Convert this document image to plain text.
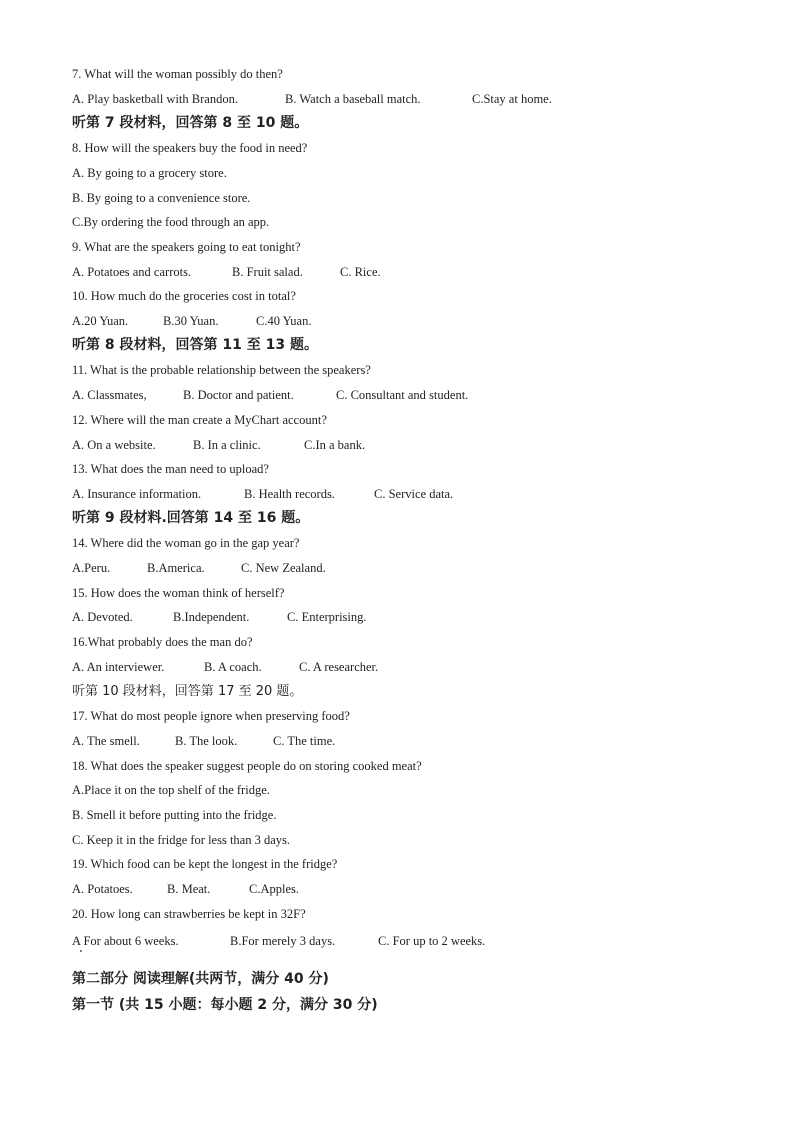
7. What will the woman possibly do then?
A. Play basketball with Brandon.	B. Watch a baseball match.	C.Stay at home.
听第 7 段材料，回答第 8 至 10 题。
8. How will the speakers buy the food in need?
A. By going to a grocery store.
B. By going to a convenience store.
C.By ordering the food through an app.
9. What are the speakers going to eat tonight?
A. Potatoes and carrots.	B. Fruit salad.	C. Rice.
10. How much do the groceries cost in total?
A.20 Yuan.	B.30 Yuan.	C.40 Yuan.
听第 8 段材料，回答第 11 至 13 题。
11. What is the probable relationship between the speakers?
A. Classmates,	B. Doctor and patient.	C. Consultant and student.
12. Where will the man create a MyChart account?
A. On a website.	B. In a clinic.	C.In a bank.
13. What does the man need to upload?
A. Insurance information.	B. Health records.	C. Service data.
听第 9 段材料.回答第 14 至 16 题。
14. Where did the woman go in the gap year?
A.Peru.	B.America.	C. New Zealand.
15. How does the woman think of herself?
A. Devoted.	B.Independent.	C. Enterprising.
16.What probably does the man do?
A. An interviewer.	B. A coach.	C. A researcher.
听第 10 段材料，回答第 17 至 20 题。
17. What do most people ignore when preserving food?
A. The smell.	B. The look.	C. The time.
18. What does the speaker suggest people do on storing cooked meat?
A.Place it on the top shelf of the fridge.
B. Smell it before putting into the fridge.
C. Keep it in the fridge for less than 3 days.
19. Which food can be kept the longest in the fridge?
A. Potatoes.	B. Meat.	C.Apples.
20. How long can strawberries be kept in 32F?
A For about 6 weeks.	B.For merely 3 days.	C. For up to 2 weeks.
第二部分 阅读理解(共两节，满分 40 分)
第一节 (共 15 小题：每小题 2 分，满分 30 分)
